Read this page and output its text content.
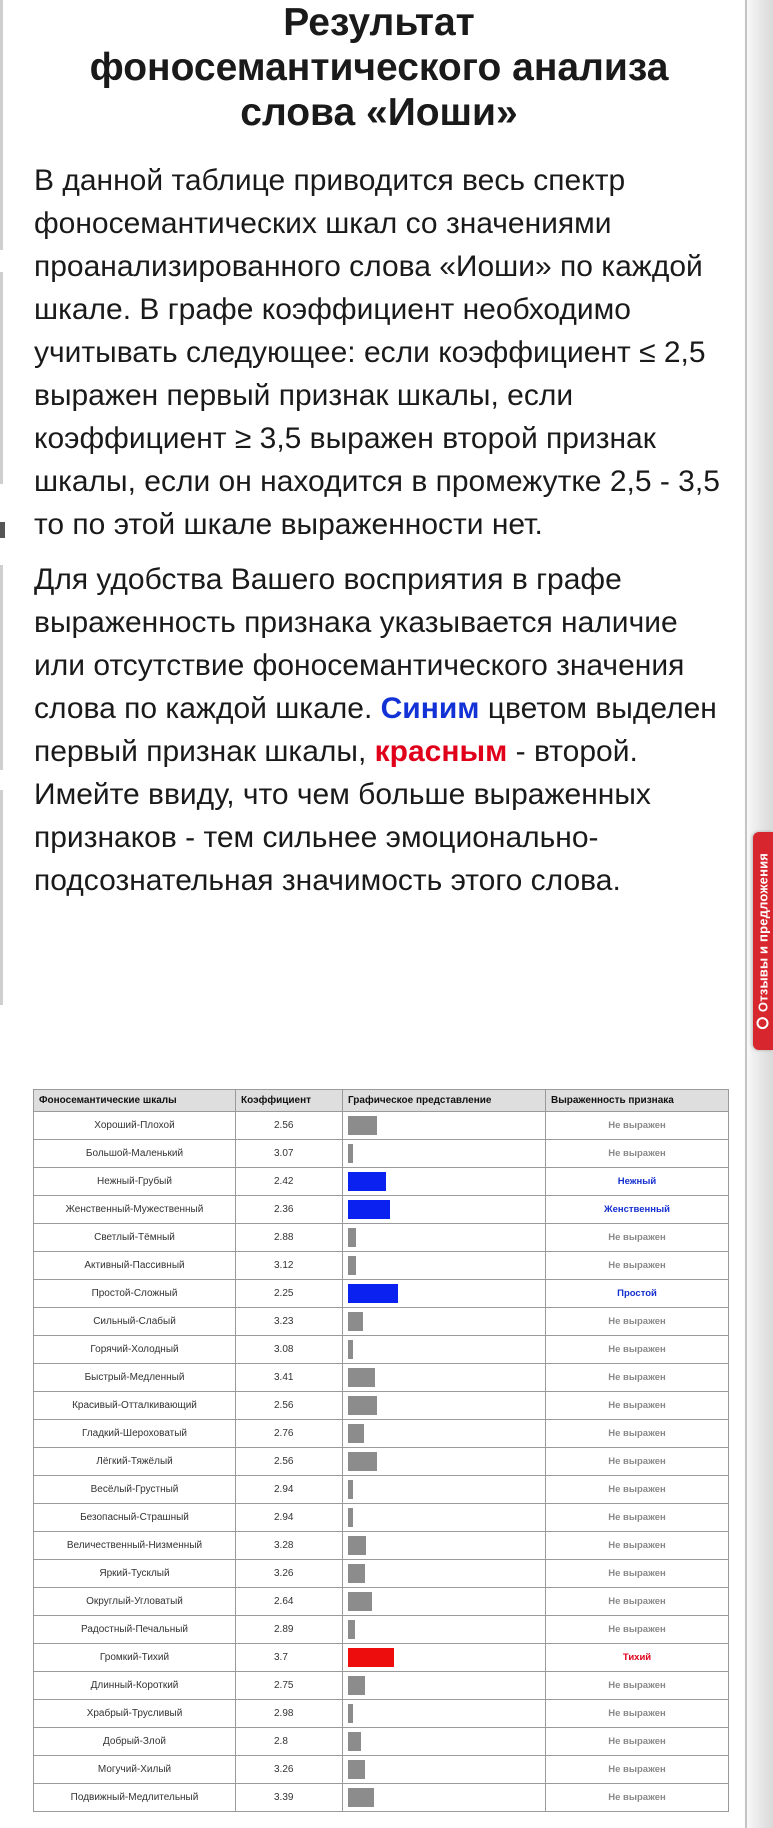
Отзывы и предложения
Результат
фоносемантического анализа
слова «Иоши»

В данной таблице приводится весь спектр фоносемантических шкал со значениями проанализированного слова «Иоши» по каждой шкале. В графе коэффициент необходимо учитывать следующее: если коэффициент ≤ 2,5 выражен первый признак шкалы, если коэффициент ≥ 3,5 выражен второй признак шкалы, если он находится в промежутке 2,5 - 3,5 то по этой шкале выраженности нет.

Для удобства Вашего восприятия в графе выраженность признака указывается наличие или отсутствие фоносемантического значения слова по каждой шкале. Синим цветом выделен первый признак шкалы, красным - второй. Имейте ввиду, что чем больше выраженных признаков - тем сильнее эмоционально-подсознательная значимость этого слова.

Фоносемантические шкалы	Коэффициент	Графическое представление	Выраженность признака
Хороший-Плохой	2.56		Не выражен
Большой-Маленький	3.07		Не выражен
Нежный-Грубый	2.42		Нежный
Женственный-Мужественный	2.36		Женственный
Светлый-Тёмный	2.88		Не выражен
Активный-Пассивный	3.12		Не выражен
Простой-Сложный	2.25		Простой
Сильный-Слабый	3.23		Не выражен
Горячий-Холодный	3.08		Не выражен
Быстрый-Медленный	3.41		Не выражен
Красивый-Отталкивающий	2.56		Не выражен
Гладкий-Шероховатый	2.76		Не выражен
Лёгкий-Тяжёлый	2.56		Не выражен
Весёлый-Грустный	2.94		Не выражен
Безопасный-Страшный	2.94		Не выражен
Величественный-Низменный	3.28		Не выражен
Яркий-Тусклый	3.26		Не выражен
Округлый-Угловатый	2.64		Не выражен
Радостный-Печальный	2.89		Не выражен
Громкий-Тихий	3.7		Тихий
Длинный-Короткий	2.75		Не выражен
Храбрый-Трусливый	2.98		Не выражен
Добрый-Злой	2.8		Не выражен
Могучий-Хилый	3.26		Не выражен
Подвижный-Медлительный	3.39		Не выражен
